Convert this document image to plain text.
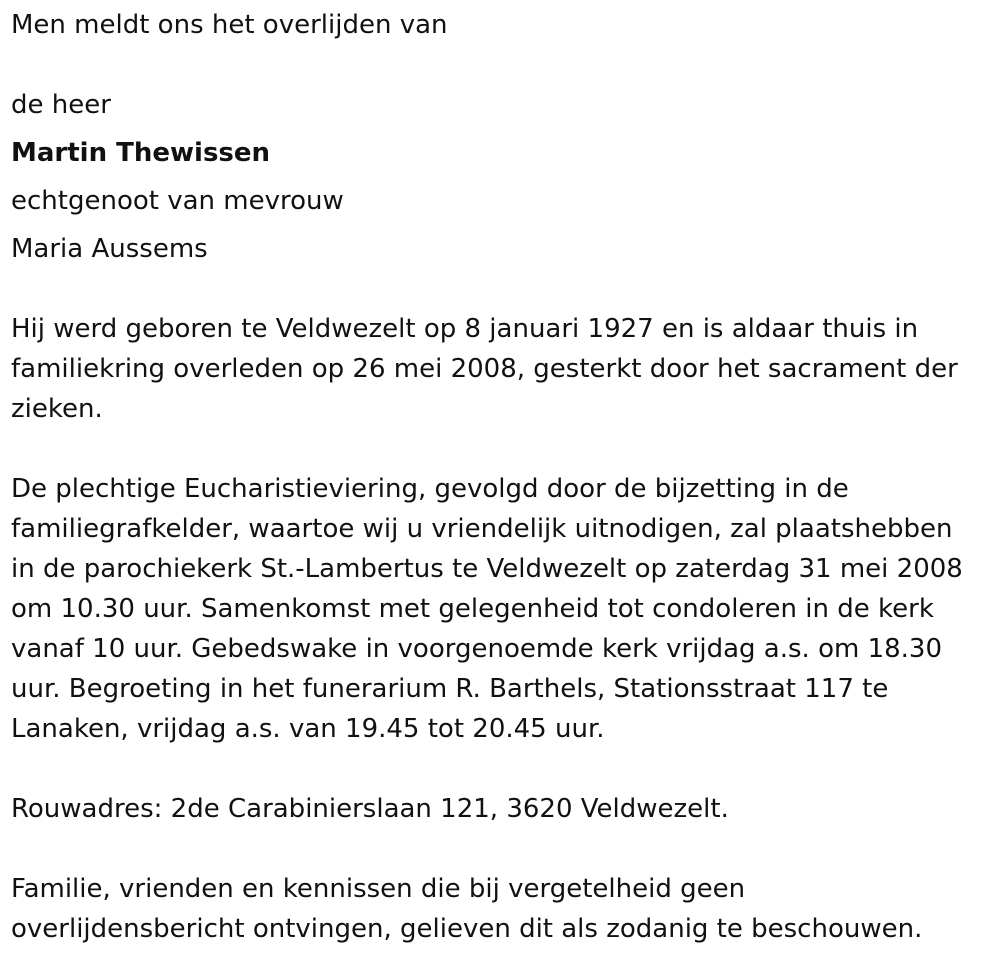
Men meldt ons het overlijden van

de heer

Martin Thewissen

echtgenoot van mevrouw

Maria Aussems

Hij werd geboren te Veldwezelt op 8 januari 1927 en is aldaar thuis in

familiekring overleden op 26 mei 2008, gesterkt door het sacrament der

zieken.

De plechtige Eucharistieviering, gevolgd door de bijzetting in de

familiegrafkelder, waartoe wij u vriendelijk uitnodigen, zal plaatshebben

in de parochiekerk St.-Lambertus te Veldwezelt op zaterdag 31 mei 2008

om 10.30 uur. Samenkomst met gelegenheid tot condoleren in de kerk

vanaf 10 uur. Gebedswake in voorgenoemde kerk vrijdag a.s. om 18.30

uur. Begroeting in het funerarium R. Barthels, Stationsstraat 117 te

Lanaken, vrijdag a.s. van 19.45 tot 20.45 uur.

Rouwadres: 2de Carabinierslaan 121, 3620 Veldwezelt.

Familie, vrienden en kennissen die bij vergetelheid geen

overlijdensbericht ontvingen, gelieven dit als zodanig te beschouwen.
